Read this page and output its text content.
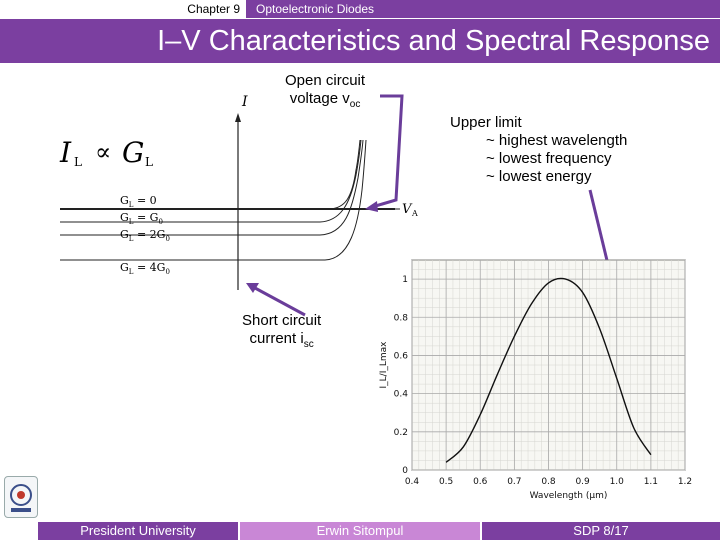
Chapter 9	Optoelectronic Diodes
I–V Characteristics and Spectral Response
I L ∝ G L
I
V A
$G_L = 0$
$G_L = G_0$
$G_L = 2G_0$
$G_L = 4G_0$
0.4 0.5 0.6 0.7 0.8 0.9 1.0 1.1 1.2
0
0.2
0.4
0.6
0.8
1
Wavelength (μm)
I_L/I_Lmax
Open circuit
voltage $v_{oc}$
Upper limit
~ highest wavelength
~ lowest frequency
~ lowest energy
Short circuit
current $i_{sc}$
President University	Erwin Sitompul	SDP 8/17
